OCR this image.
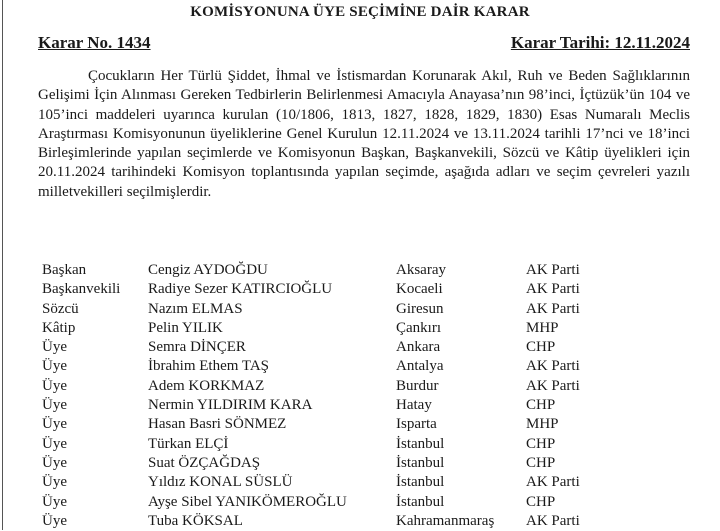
KOMİSYONUNA ÜYE SEÇİMİNE DAİR KARAR
Karar No. 1434	Karar Tarihi: 12.11.2024

Çocukların Her Türlü Şiddet, İhmal ve İstismardan Korunarak Akıl, Ruh ve Beden Sağlıklarının Gelişimi İçin Alınması Gereken Tedbirlerin Belirlenmesi Amacıyla Anayasa’nın 98’inci, İçtüzük’ün 104 ve 105’inci maddeleri uyarınca kurulan (10/1806, 1813, 1827, 1828, 1829, 1830) Esas Numaralı Meclis Araştırması Komisyonunun üyeliklerine Genel Kurulun 12.11.2024 ve 13.11.2024 tarihli 17’nci ve 18’inci Birleşimlerinde yapılan seçimlerde ve Komisyonun Başkan, Başkanvekili, Sözcü ve Kâtip üyelikleri için 20.11.2024 tarihindeki Komisyon toplantısında yapılan seçimde, aşağıda adları ve seçim çevreleri yazılı milletvekilleri seçilmişlerdir.

Başkan	Cengiz AYDOĞDU	Aksaray	AK Parti
Başkanvekili	Radiye Sezer KATIRCIOĞLU	Kocaeli	AK Parti
Sözcü	Nazım ELMAS	Giresun	AK Parti
Kâtip	Pelin YILIK	Çankırı	MHP
Üye	Semra DİNÇER	Ankara	CHP
Üye	İbrahim Ethem TAŞ	Antalya	AK Parti
Üye	Adem KORKMAZ	Burdur	AK Parti
Üye	Nermin YILDIRIM KARA	Hatay	CHP
Üye	Hasan Basri SÖNMEZ	Isparta	MHP
Üye	Türkan ELÇİ	İstanbul	CHP
Üye	Suat ÖZÇAĞDAŞ	İstanbul	CHP
Üye	Yıldız KONAL SÜSLÜ	İstanbul	AK Parti
Üye	Ayşe Sibel YANIKÖMEROĞLU	İstanbul	CHP
Üye	Tuba KÖKSAL	Kahramanmaraş	AK Parti
